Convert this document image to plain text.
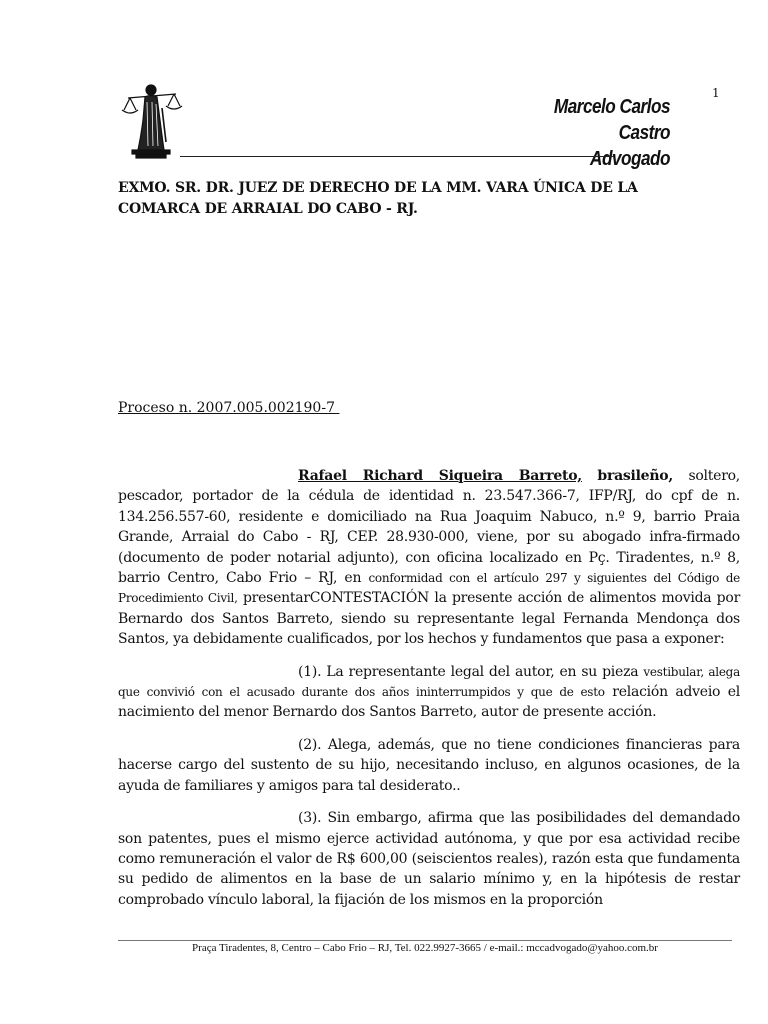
1
Marcelo Carlos Castro
Advogado
EXMO. SR. DR. JUEZ DE DERECHO DE LA MM. VARA ÚNICA DE LA COMARCA DE ARRAIAL DO CABO - RJ.
Proceso n. 2007.005.002190-7

Rafael Richard Siqueira Barreto, brasileño, soltero, pescador, portador de la cédula de identidad n. 23.547.366-7, IFP/RJ, do cpf de n. 134.256.557-60, residente e domiciliado na Rua Joaquim Nabuco, n.º 9, barrio Praia Grande, Arraial do Cabo - RJ, CEP. 28.930-000, viene, por su abogado infra-firmado (documento de poder notarial adjunto), con oficina localizado en Pç. Tiradentes, n.º 8, barrio Centro, Cabo Frio – RJ, en conformidad con el artículo 297 y siguientes del Código de Procedimiento Civil, presentarCONTESTACIÓN la presente acción de alimentos movida por Bernardo dos Santos Barreto, siendo su representante legal Fernanda Mendonça dos Santos, ya debidamente cualificados, por los hechos y fundamentos que pasa a exponer:

(1). La representante legal del autor, en su pieza vestibular, alega que convivió con el acusado durante dos años ininterrumpidos y que de esto relación adveio el nacimiento del menor Bernardo dos Santos Barreto, autor de presente acción.

(2). Alega, además, que no tiene condiciones financieras para hacerse cargo del sustento de su hijo, necesitando incluso, en algunos ocasiones, de la ayuda de familiares y amigos para tal desiderato..

(3). Sin embargo, afirma que las posibilidades del demandado son patentes, pues el mismo ejerce actividad autónoma, y que por esa actividad recibe como remuneración el valor de R$ 600,00 (seiscientos reales), razón esta que fundamenta su pedido de alimentos en la base de un salario mínimo y, en la hipótesis de restar comprobado vínculo laboral, la fijación de los mismos en la proporción

Praça Tiradentes, 8, Centro – Cabo Frio – RJ, Tel. 022.9927-3665 / e-mail.: mccadvogado@yahoo.com.br
